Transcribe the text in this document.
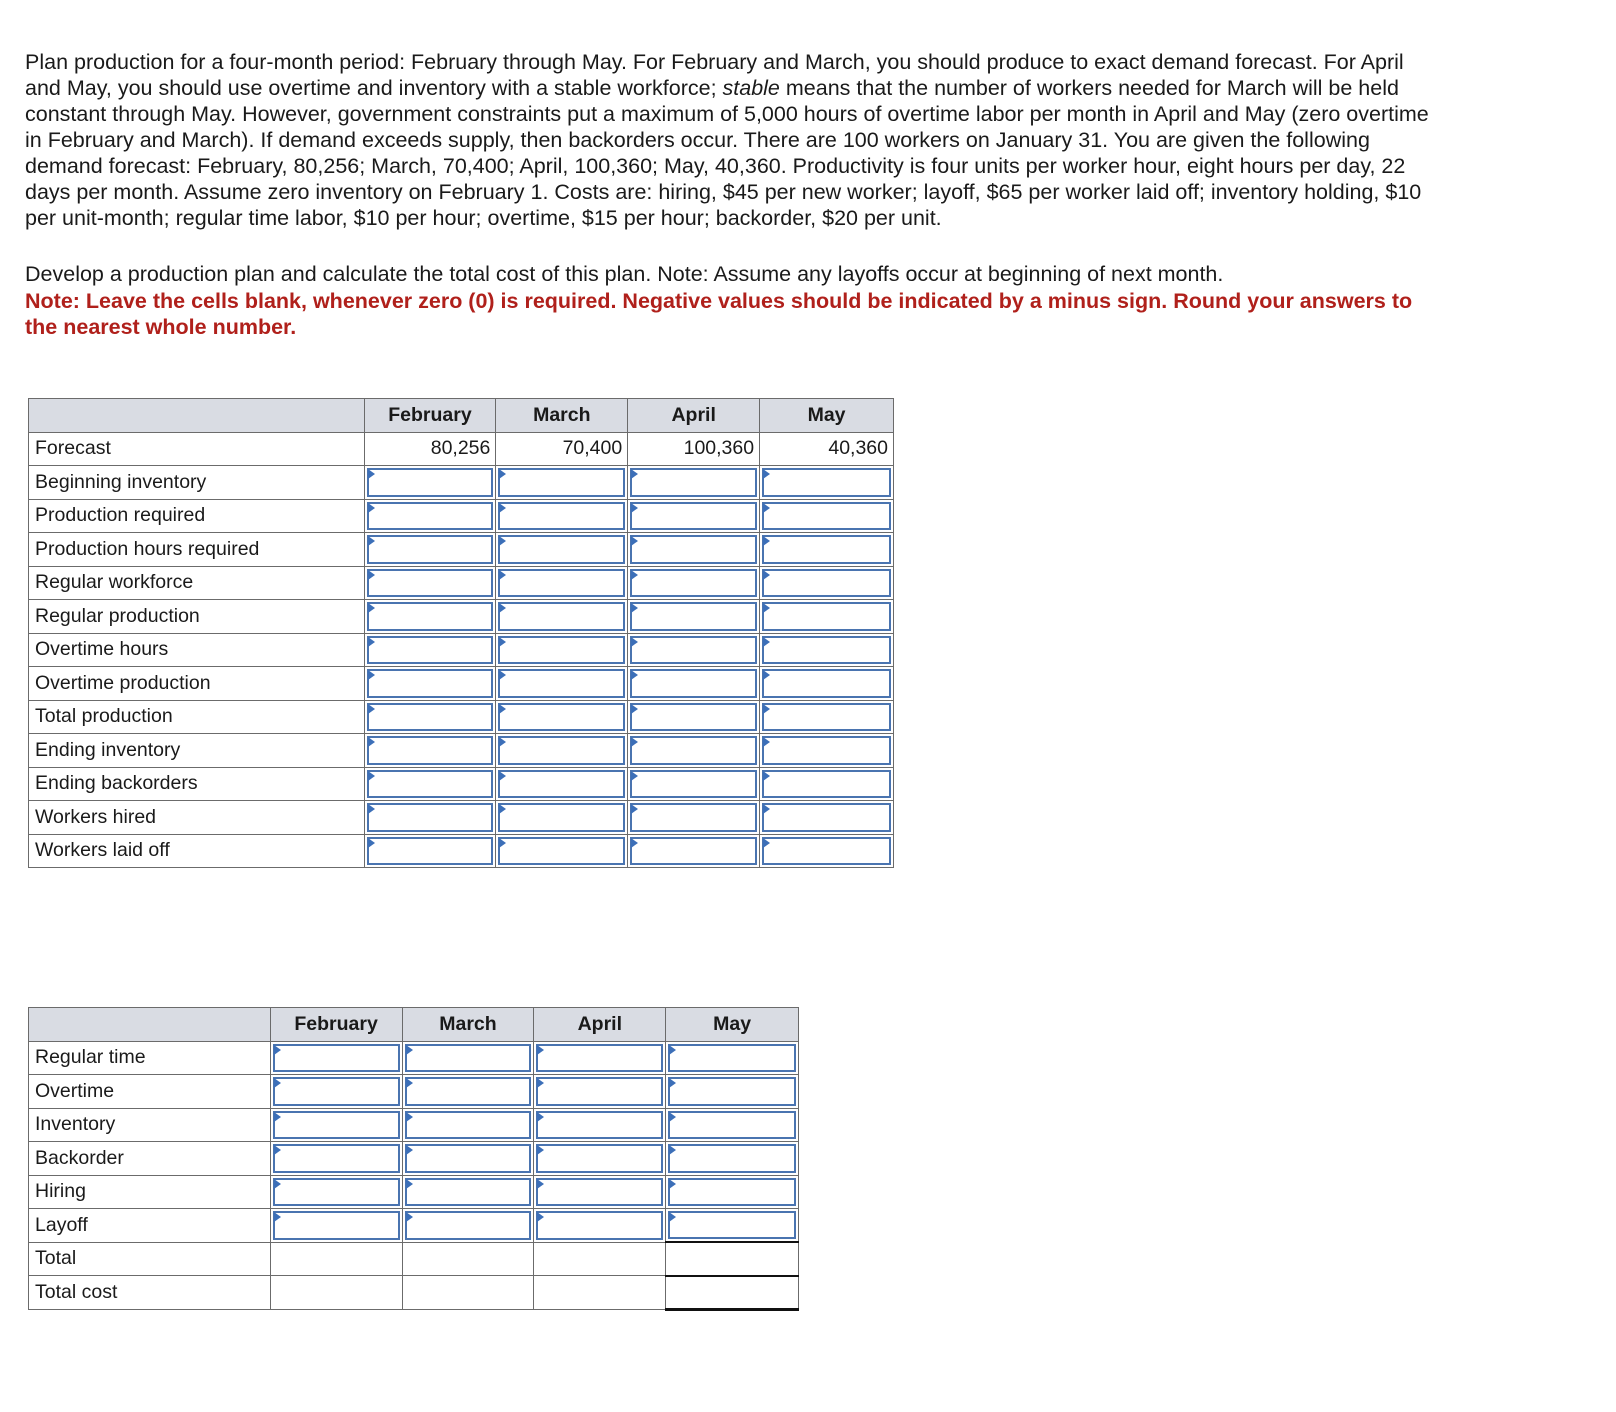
Plan production for a four-month period: February through May. For February and March, you should produce to exact demand forecast. For April and May, you should use overtime and inventory with a stable workforce; stable means that the number of workers needed for March will be held constant through May. However, government constraints put a maximum of 5,000 hours of overtime labor per month in April and May (zero overtime in February and March). If demand exceeds supply, then backorders occur. There are 100 workers on January 31. You are given the following demand forecast: February, 80,256; March, 70,400; April, 100,360; May, 40,360. Productivity is four units per worker hour, eight hours per day, 22 days per month. Assume zero inventory on February 1. Costs are: hiring, $45 per new worker; layoff, $65 per worker laid off; inventory holding, $10 per unit-month; regular time labor, $10 per hour; overtime, $15 per hour; backorder, $20 per unit.

Develop a production plan and calculate the total cost of this plan. Note: Assume any layoffs occur at beginning of next month.
Note: Leave the cells blank, whenever zero (0) is required. Negative values should be indicated by a minus sign. Round your answers to the nearest whole number.

	February	March	April	May
Forecast	80,256	70,400	100,360	40,360
Beginning inventory	

Production required	

Production hours required	

Regular workforce	

Regular production	

Overtime hours	

Overtime production	

Total production	

Ending inventory	

Ending backorders	

Workers hired	

Workers laid off	

	February	March	April	May
Regular time	

Overtime	

Inventory	

Backorder	

Hiring	

Layoff	

Total				
Total cost				
